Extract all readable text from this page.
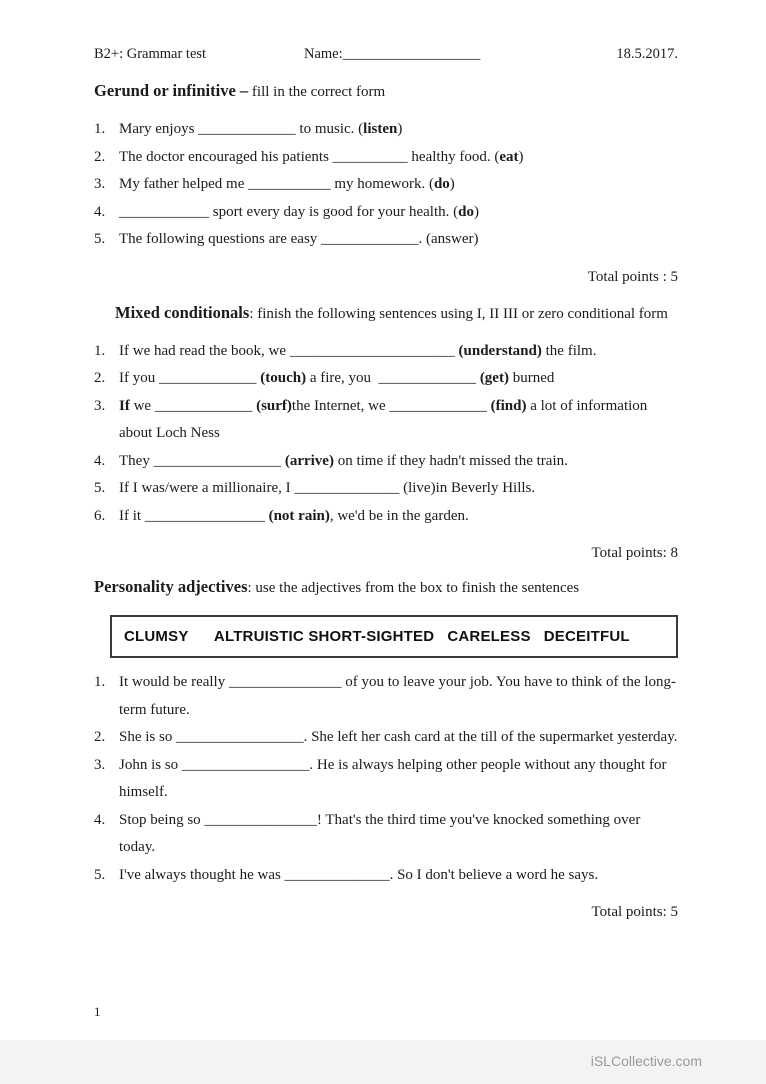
B2+: Grammar test	Name:___________________	18.5.2017.
Gerund or infinitive – fill in the correct form
1. Mary enjoys _____________ to music. (listen)
2. The doctor encouraged his patients __________ healthy food. (eat)
3. My father helped me ___________ my homework. (do)
4. ____________ sport every day is good for your health. (do)
5. The following questions are easy _____________. (answer)
Total points : 5
Mixed conditionals: finish the following sentences using I, II III or zero conditional form
1. If we had read the book, we ______________________ (understand) the film.
2. If you _____________ (touch) a fire, you  _____________ (get) burned
3. If we _____________ (surf)the Internet, we _____________ (find) a lot of information about Loch Ness
4. They _________________ (arrive) on time if they hadn't missed the train.
5. If I was/were a millionaire, I ______________ (live)in Beverly Hills.
6. If it ________________ (not rain), we'd be in the garden.
Total points: 8
Personality adjectives: use the adjectives from the box to finish the sentences
CLUMSY      ALTRUISTIC SHORT-SIGHTED   CARELESS   DECEITFUL
1. It would be really _______________ of you to leave your job. You have to think of the long-term future.
2. She is so _________________. She left her cash card at the till of the supermarket yesterday.
3. John is so _________________. He is always helping other people without any thought for himself.
4. Stop being so _______________! That's the third time you've knocked something over today.
5. I've always thought he was ______________. So I don't believe a word he says.
Total points: 5
1
iSLCollective.com
